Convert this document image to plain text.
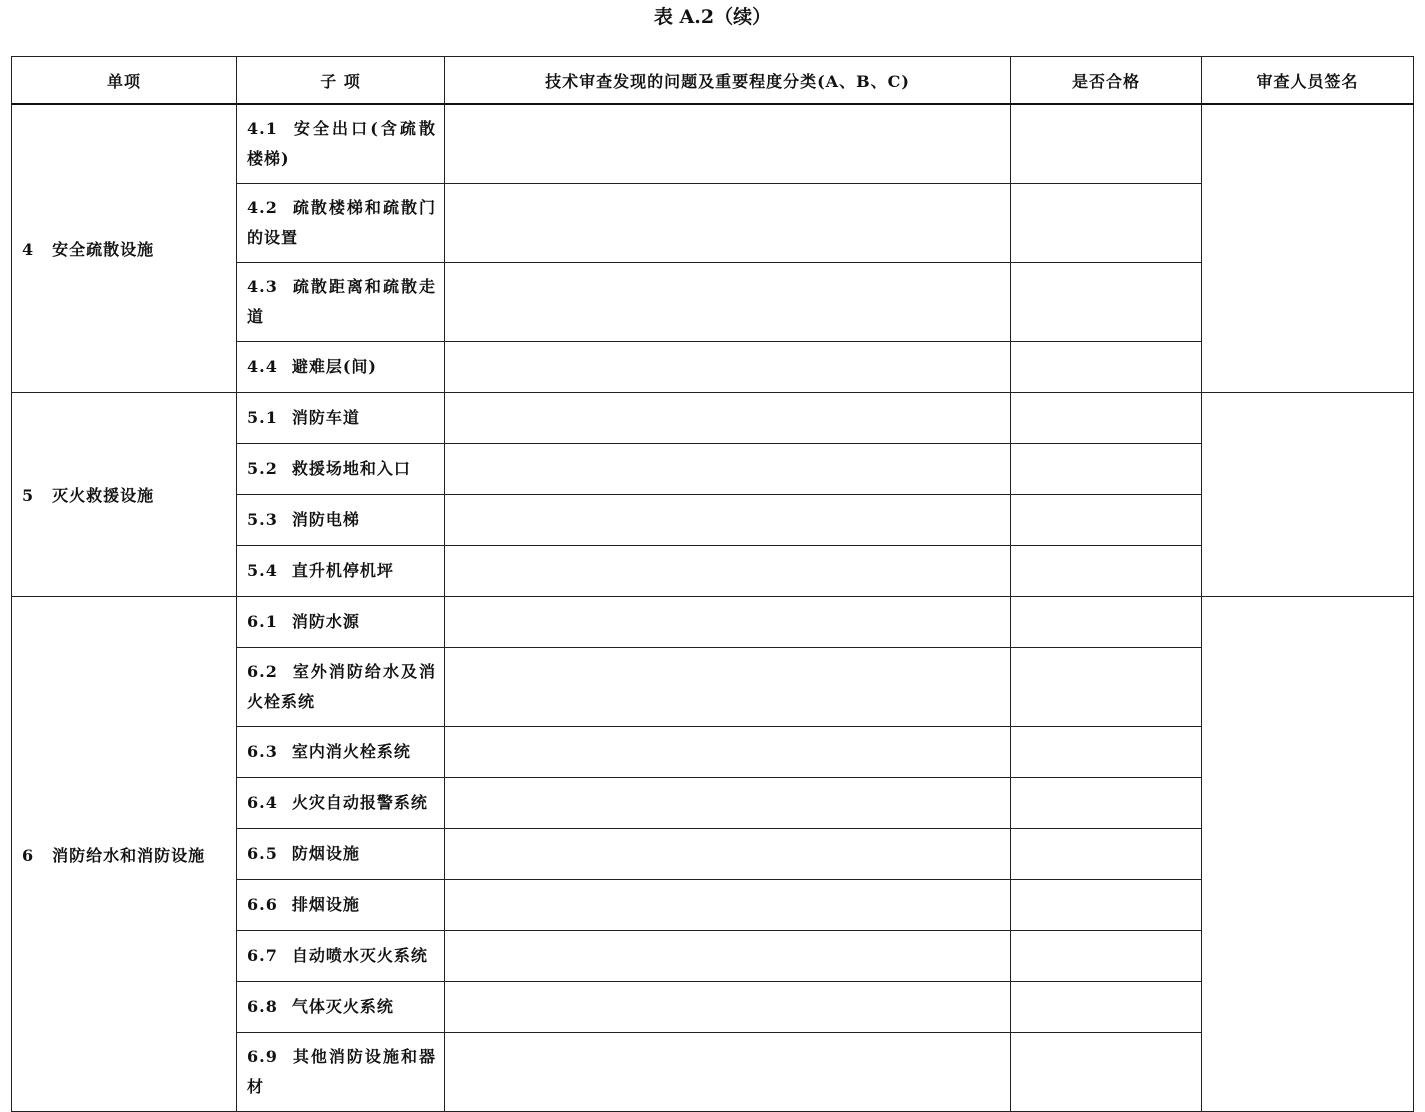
表 A.2（续）
单项	子 项	技术审查发现的问题及重要程度分类(A、B、C)	是否合格	审查人员签名
4 安全疏散设施	4.1 安全出口(含疏散楼梯)			
	4.2 疏散楼梯和疏散门的设置			
	4.3 疏散距离和疏散走道			
	4.4 避难层(间)			
5 灭火救援设施	5.1 消防车道			
	5.2 救援场地和入口			
	5.3 消防电梯			
	5.4 直升机停机坪			
6 消防给水和消防设施	6.1 消防水源			
	6.2 室外消防给水及消火栓系统			
	6.3 室内消火栓系统			
	6.4 火灾自动报警系统			
	6.5 防烟设施			
	6.6 排烟设施			
	6.7 自动喷水灭火系统			
	6.8 气体灭火系统			
	6.9 其他消防设施和器材			
